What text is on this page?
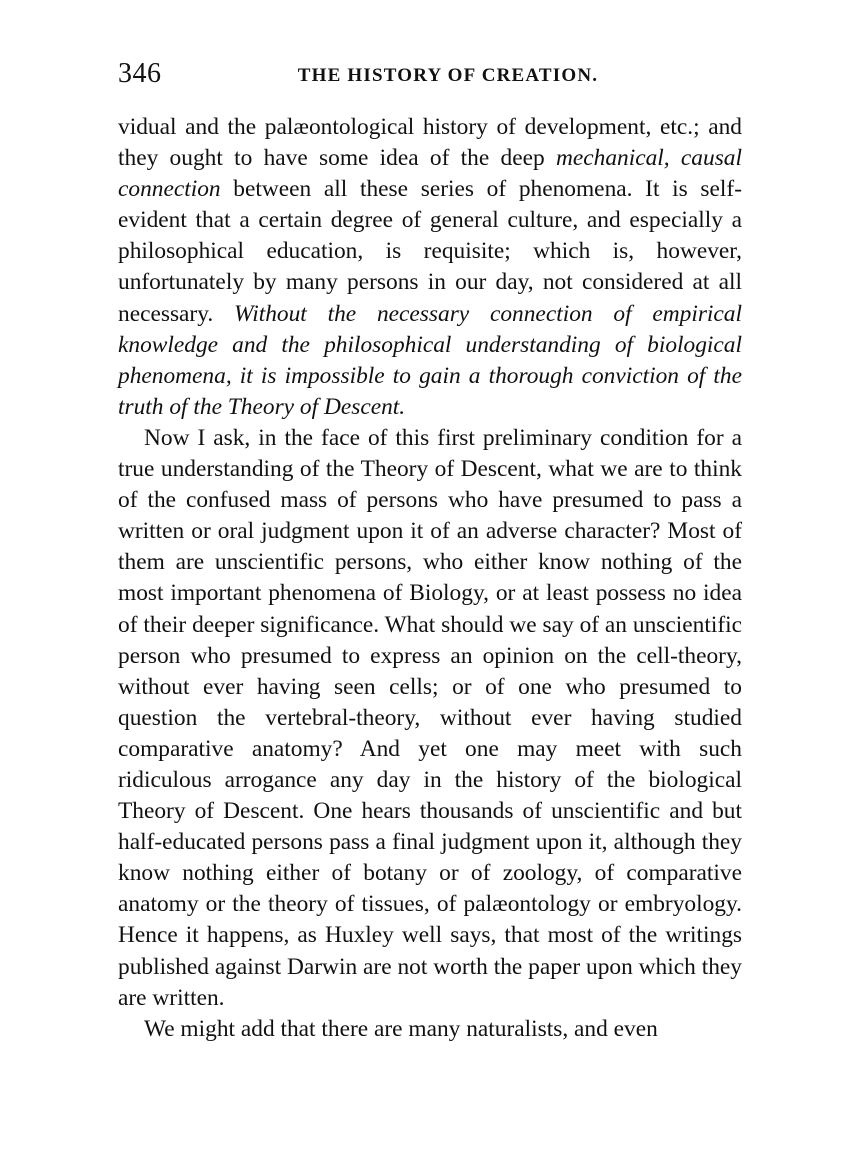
346	THE HISTORY OF CREATION.

vidual and the palæontological history of development, etc.; and they ought to have some idea of the deep mechanical, causal connection between all these series of phenomena. It is self-evident that a certain degree of general culture, and especially a philosophical education, is requisite; which is, however, unfortunately by many persons in our day, not considered at all necessary. Without the necessary connection of empirical knowledge and the philosophical understanding of biological phenomena, it is impossible to gain a thorough conviction of the truth of the Theory of Descent.

Now I ask, in the face of this first preliminary condition for a true understanding of the Theory of Descent, what we are to think of the confused mass of persons who have presumed to pass a written or oral judgment upon it of an adverse character? Most of them are unscientific persons, who either know nothing of the most important phenomena of Biology, or at least possess no idea of their deeper significance. What should we say of an unscientific person who presumed to express an opinion on the cell-theory, without ever having seen cells; or of one who presumed to question the vertebral-theory, without ever having studied comparative anatomy? And yet one may meet with such ridiculous arrogance any day in the history of the biological Theory of Descent. One hears thousands of unscientific and but half-educated persons pass a final judgment upon it, although they know nothing either of botany or of zoology, of comparative anatomy or the theory of tissues, of palæontology or embryology. Hence it happens, as Huxley well says, that most of the writings published against Darwin are not worth the paper upon which they are written.

We might add that there are many naturalists, and even
